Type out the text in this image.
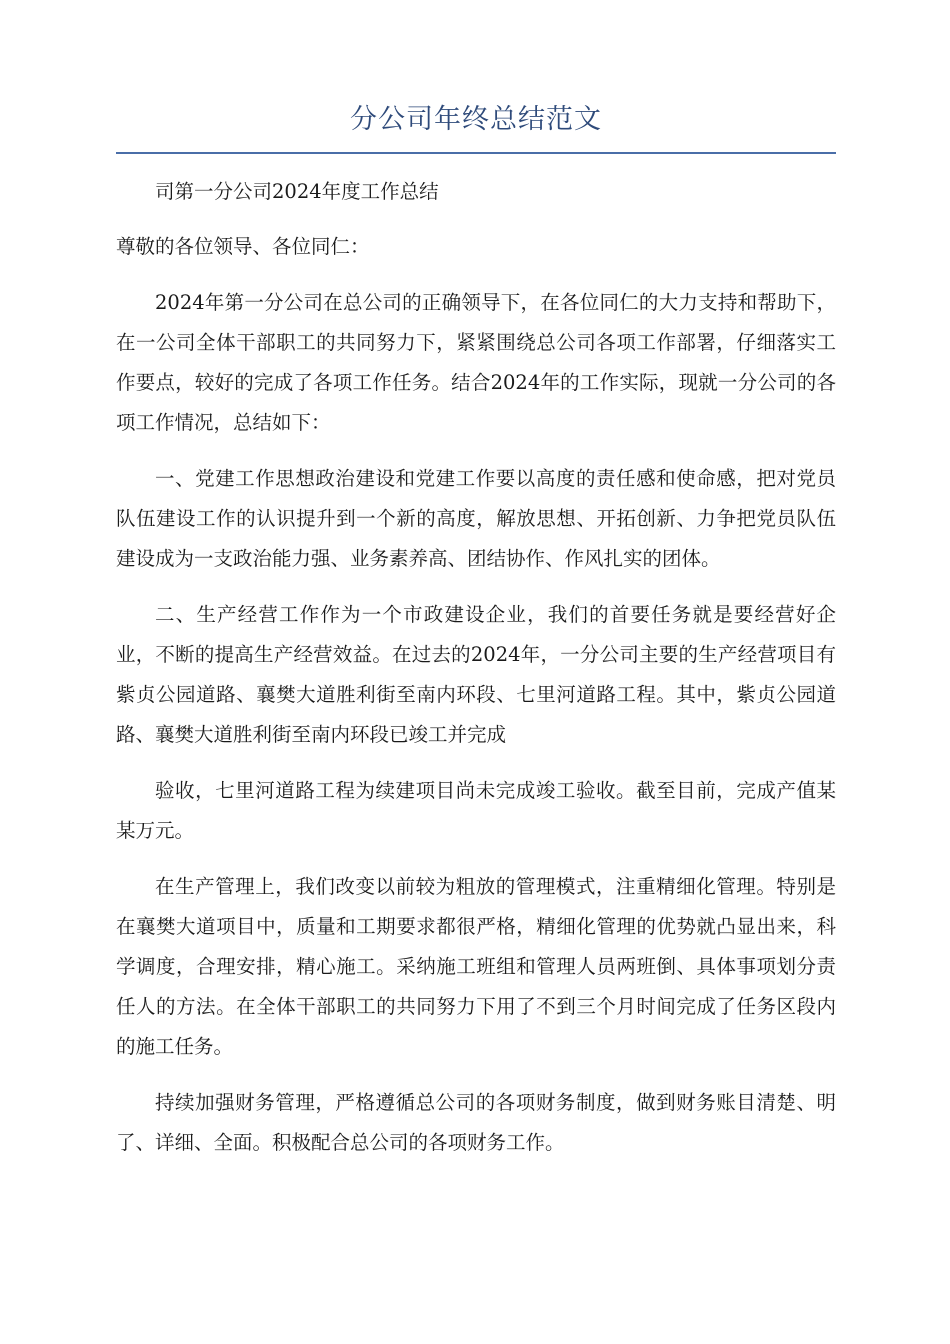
分公司年终总结范文

司第一分公司2024年度工作总结

尊敬的各位领导、各位同仁：

2024年第一分公司在总公司的正确领导下，在各位同仁的大力支持和帮助下，在一公司全体干部职工的共同努力下，紧紧围绕总公司各项工作部署，仔细落实工作要点，较好的完成了各项工作任务。结合2024年的工作实际，现就一分公司的各项工作情况，总结如下：

一、党建工作思想政治建设和党建工作要以高度的责任感和使命感，把对党员队伍建设工作的认识提升到一个新的高度，解放思想、开拓创新、力争把党员队伍建设成为一支政治能力强、业务素养高、团结协作、作风扎实的团体。

二、生产经营工作作为一个市政建设企业，我们的首要任务就是要经营好企业，不断的提高生产经营效益。在过去的2024年，一分公司主要的生产经营项目有紫贞公园道路、襄樊大道胜利街至南内环段、七里河道路工程。其中，紫贞公园道路、襄樊大道胜利街至南内环段已竣工并完成

验收，七里河道路工程为续建项目尚未完成竣工验收。截至目前，完成产值某某万元。

在生产管理上，我们改变以前较为粗放的管理模式，注重精细化管理。特别是在襄樊大道项目中，质量和工期要求都很严格，精细化管理的优势就凸显出来，科学调度，合理安排，精心施工。采纳施工班组和管理人员两班倒、具体事项划分责任人的方法。在全体干部职工的共同努力下用了不到三个月时间完成了任务区段内的施工任务。

持续加强财务管理，严格遵循总公司的各项财务制度，做到财务账目清楚、明了、详细、全面。积极配合总公司的各项财务工作。
